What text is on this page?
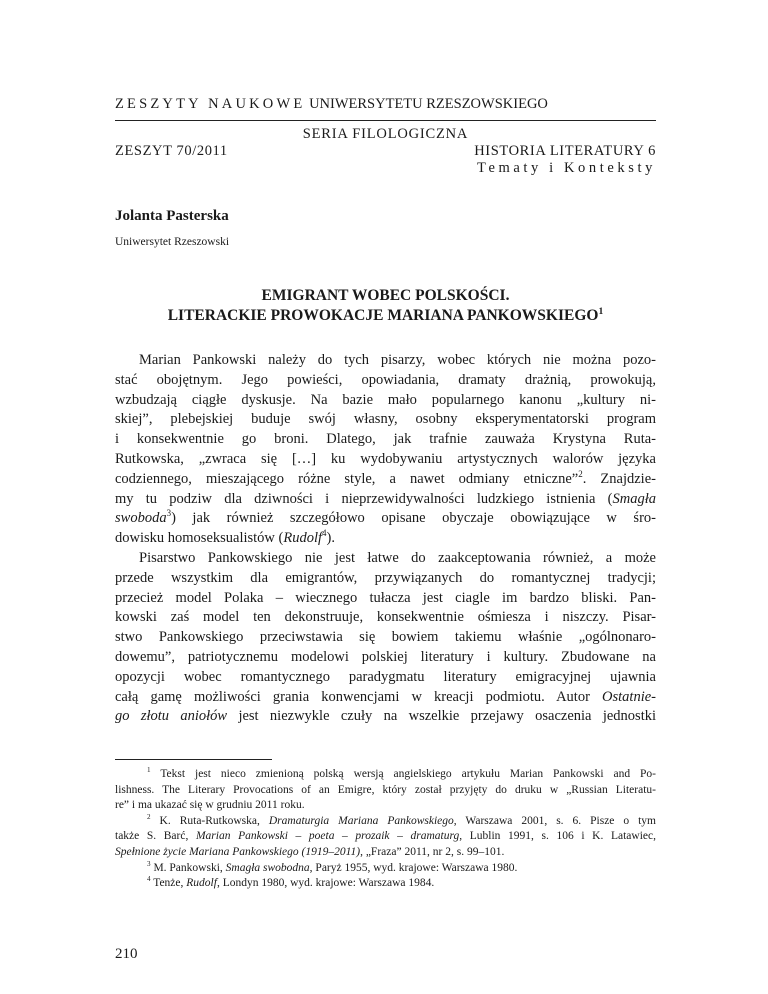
ZESZYTY NAUKOWE UNIWERSYTETU RZESZOWSKIEGO
SERIA FILOLOGICZNA
ZESZYT 70/2011	HISTORIA LITERATURY 6
Tematy i Konteksty
Jolanta Pasterska
Uniwersytet Rzeszowski
EMIGRANT WOBEC POLSKOŚCI.
LITERACKIE PROWOKACJE MARIANA PANKOWSKIEGO$^1$
Marian Pankowski należy do tych pisarzy, wobec których nie można pozo-
stać obojętnym. Jego powieści, opowiadania, dramaty drażnią, prowokują,
wzbudzają ciągłe dyskusje. Na bazie mało popularnego kanonu „kultury ni-
skiej”, plebejskiej buduje swój własny, osobny eksperymentatorski program
i konsekwentnie go broni. Dlatego, jak trafnie zauważa Krystyna Ruta-
Rutkowska, „zwraca się […] ku wydobywaniu artystycznych walorów języka
codziennego, mieszającego różne style, a nawet odmiany etniczne”$^2$. Znajdzie-
my tu podziw dla dziwności i nieprzewidywalności ludzkiego istnienia (Smagła
swoboda$^3$) jak również szczegółowo opisane obyczaje obowiązujące w śro-
dowisku homoseksualistów (Rudolf$^4$).
Pisarstwo Pankowskiego nie jest łatwe do zaakceptowania również, a może
przede wszystkim dla emigrantów, przywiązanych do romantycznej tradycji;
przecież model Polaka – wiecznego tułacza jest ciagle im bardzo bliski. Pan-
kowski zaś model ten dekonstruuje, konsekwentnie ośmiesza i niszczy. Pisar-
stwo Pankowskiego przeciwstawia się bowiem takiemu właśnie „ogólnonaro-
dowemu”, patriotycznemu modelowi polskiej literatury i kultury. Zbudowane na
opozycji wobec romantycznego paradygmatu literatury emigracyjnej ujawnia
całą gamę możliwości grania konwencjami w kreacji podmiotu. Autor Ostatnie-
go złotu aniołów jest niezwykle czuły na wszelkie przejawy osaczenia jednostki
$^1$ Tekst jest nieco zmienioną polską wersją angielskiego artykułu Marian Pankowski and Po-
lishness. The Literary Provocations of an Emigre, który został przyjęty do druku w „Russian Literatu-
re” i ma ukazać się w grudniu 2011 roku.
$^2$ K. Ruta-Rutkowska, Dramaturgia Mariana Pankowskiego, Warszawa 2001, s. 6. Pisze o tym
także S. Barć, Marian Pankowski – poeta – prozaik – dramaturg, Lublin 1991, s. 106 i K. Latawiec,
Spełnione życie Mariana Pankowskiego (1919–2011), „Fraza” 2011, nr 2, s. 99–101.
$^3$ M. Pankowski, Smagła swobodna, Paryż 1955, wyd. krajowe: Warszawa 1980.
$^4$ Tenże, Rudolf, Londyn 1980, wyd. krajowe: Warszawa 1984.
210
